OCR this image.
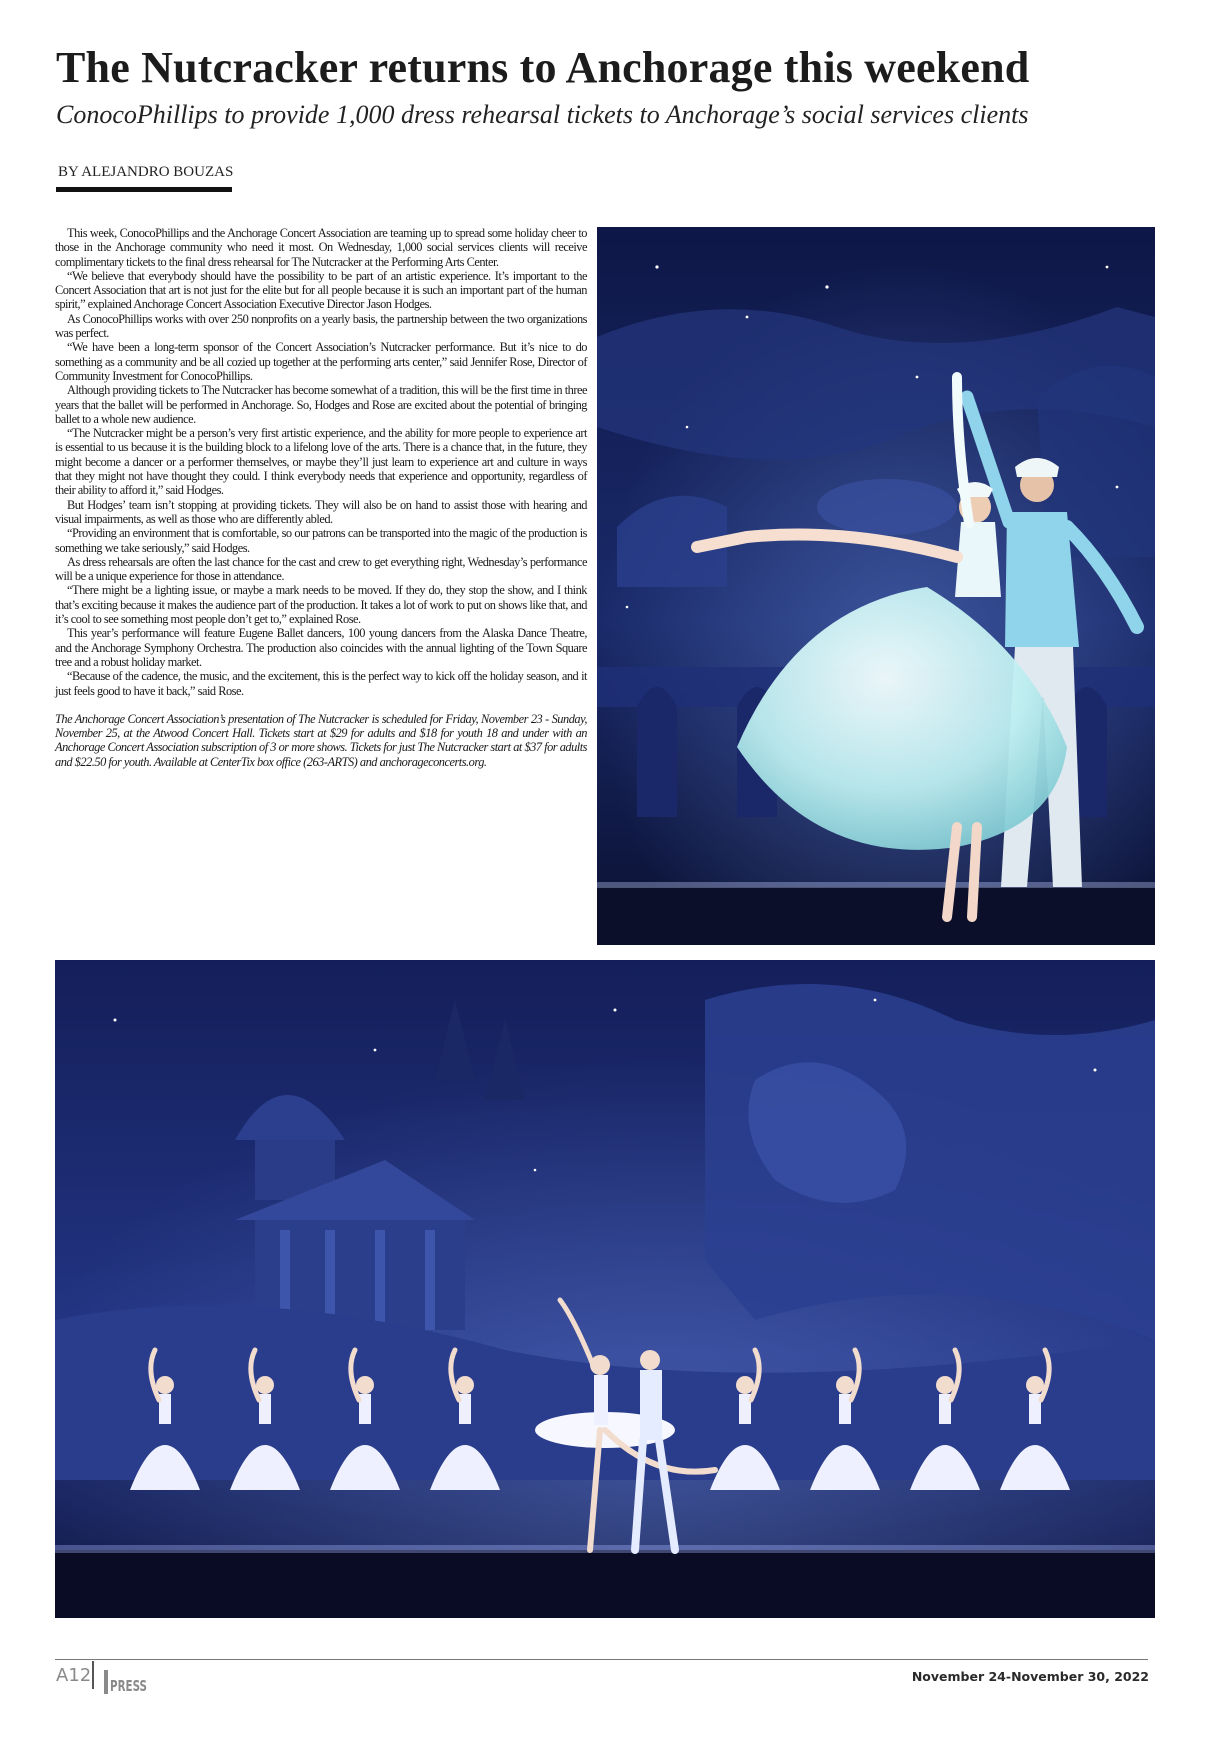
The Nutcracker returns to Anchorage this weekend
ConocoPhillips to provide 1,000 dress rehearsal tickets to Anchorage’s social services clients
BY ALEJANDRO BOUZAS

This week, ConocoPhillips and the Anchorage Concert Association are teaming up to spread some holiday cheer to those in the Anchorage community who need it most. On Wednesday, 1,000 social services clients will receive complimentary tickets to the final dress rehearsal for The Nutcracker at the Performing Arts Center.

“We believe that everybody should have the possibility to be part of an artistic experience. It’s important to the Concert Association that art is not just for the elite but for all people because it is such an important part of the human spirit,” explained Anchorage Concert Association Executive Director Jason Hodges.

As ConocoPhillips works with over 250 nonprofits on a yearly basis, the partnership between the two organizations was perfect.

“We have been a long-term sponsor of the Concert Association’s Nutcracker performance. But it’s nice to do something as a community and be all cozied up together at the performing arts center,” said Jennifer Rose, Director of Community Investment for ConocoPhillips.

Although providing tickets to The Nutcracker has become somewhat of a tradition, this will be the first time in three years that the ballet will be performed in Anchorage. So, Hodges and Rose are excited about the potential of bringing ballet to a whole new audience.

“The Nutcracker might be a person’s very first artistic experience, and the ability for more people to experience art is essential to us because it is the building block to a lifelong love of the arts. There is a chance that, in the future, they might become a dancer or a performer themselves, or maybe they’ll just learn to experience art and culture in ways that they might not have thought they could. I think everybody needs that experience and opportunity, regardless of their ability to afford it,” said Hodges.

But Hodges’ team isn’t stopping at providing tickets. They will also be on hand to assist those with hearing and visual impairments, as well as those who are differently abled.

“Providing an environment that is comfortable, so our patrons can be transported into the magic of the production is something we take seriously,” said Hodges.

As dress rehearsals are often the last chance for the cast and crew to get everything right, Wednesday’s performance will be a unique experience for those in attendance.

“There might be a lighting issue, or maybe a mark needs to be moved. If they do, they stop the show, and I think that’s exciting because it makes the audience part of the production. It takes a lot of work to put on shows like that, and it’s cool to see something most people don’t get to,” explained Rose.

This year’s performance will feature Eugene Ballet dancers, 100 young dancers from the Alaska Dance Theatre, and the Anchorage Symphony Orchestra. The production also coincides with the annual lighting of the Town Square tree and a robust holiday market.

“Because of the cadence, the music, and the excitement, this is the perfect way to kick off the holiday season, and it just feels good to have it back,” said Rose.

The Anchorage Concert Association’s presentation of The Nutcracker is scheduled for Friday, November 23 - Sunday, November 25, at the Atwood Concert Hall. Tickets start at $29 for adults and $18 for youth 18 and under with an Anchorage Concert Association subscription of 3 or more shows. Tickets for just The Nutcracker start at $37 for adults and $22.50 for youth. Available at CenterTix box office (263-ARTS) and anchorageconcerts.org.

A12 PRESS
November 24-November 30, 2022
